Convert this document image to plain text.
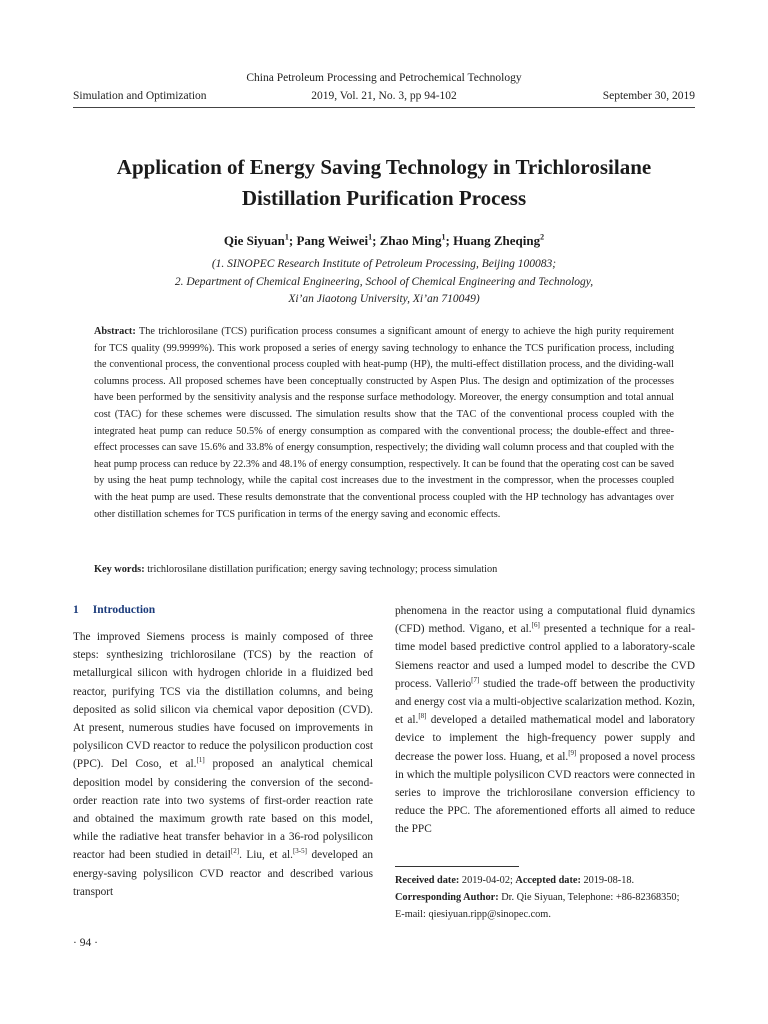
China Petroleum Processing and Petrochemical Technology
2019, Vol. 21, No. 3, pp 94-102
Simulation and Optimization	September 30, 2019
Application of Energy Saving Technology in Trichlorosilane
Distillation Purification Process
Qie Siyuan$^1$; Pang Weiwei$^1$; Zhao Ming$^1$; Huang Zheqing$^2$
(1. SINOPEC Research Institute of Petroleum Processing, Beijing 100083;
2. Department of Chemical Engineering, School of Chemical Engineering and Technology,
Xi’an Jiaotong University, Xi’an 710049)
Abstract: The trichlorosilane (TCS) purification process consumes a significant amount of energy to achieve the high purity requirement for TCS quality (99.9999%). This work proposed a series of energy saving technology to enhance the TCS purification process, including the conventional process, the conventional process coupled with heat-pump (HP), the multi-effect distillation process, and the dividing-wall columns process. All proposed schemes have been conceptually constructed by Aspen Plus. The design and optimization of the processes have been performed by the sensitivity analysis and the response surface methodology. Moreover, the energy consumption and total annual cost (TAC) for these schemes were discussed. The simulation results show that the TAC of the conventional process coupled with the integrated heat pump can reduce 50.5% of energy consumption as compared with the conventional process; the double-effect and three-effect processes can save 15.6% and 33.8% of energy consumption, respectively; the dividing wall column process and that coupled with the heat pump process can reduce by 22.3% and 48.1% of energy consumption, respectively. It can be found that the operating cost can be saved by using the heat pump technology, while the capital cost increases due to the investment in the compressor, when the processes coupled with the heat pump are used. These results demonstrate that the conventional process coupled with the HP technology has advantages over other distillation schemes for TCS purification in terms of the energy saving and economic effects.
Key words: trichlorosilane distillation purification; energy saving technology; process simulation
1 Introduction

The improved Siemens process is mainly composed of three steps: synthesizing trichlorosilane (TCS) by the reaction of metallurgical silicon with hydrogen chloride in a fluidized bed reactor, purifying TCS via the distillation columns, and being deposited as solid silicon via chemical vapor deposition (CVD). At present, numerous studies have focused on improvements in polysilicon CVD reactor to reduce the polysilicon production cost (PPC). Del Coso, et al.[1] proposed an analytical chemical deposition model by considering the conversion of the second-order reaction rate into two systems of first-order reaction rate and obtained the maximum growth rate based on this model, while the radiative heat transfer behavior in a 36-rod polysilicon reactor had been studied in detail[2]. Liu, et al.[3-5] developed an energy-saving polysilicon CVD reactor and described various transport

phenomena in the reactor using a computational fluid dynamics (CFD) method. Vigano, et al.[6] presented a technique for a real-time model based predictive control applied to a laboratory-scale Siemens reactor and used a lumped model to describe the CVD process. Vallerio[7] studied the trade-off between the productivity and energy cost via a multi-objective scalarization method. Kozin, et al.[8] developed a detailed mathematical model and laboratory device to implement the high-frequency power supply and decrease the power loss. Huang, et al.[9] proposed a novel process in which the multiple polysilicon CVD reactors were connected in series to improve the trichlorosilane conversion efficiency to reduce the PPC. The aforementioned efforts all aimed to reduce the PPC

Received date: 2019-04-02; Accepted date: 2019-08-18.
Corresponding Author: Dr. Qie Siyuan, Telephone: +86-82368350;
E-mail: qiesiyuan.ripp@sinopec.com.
· 94 ·
